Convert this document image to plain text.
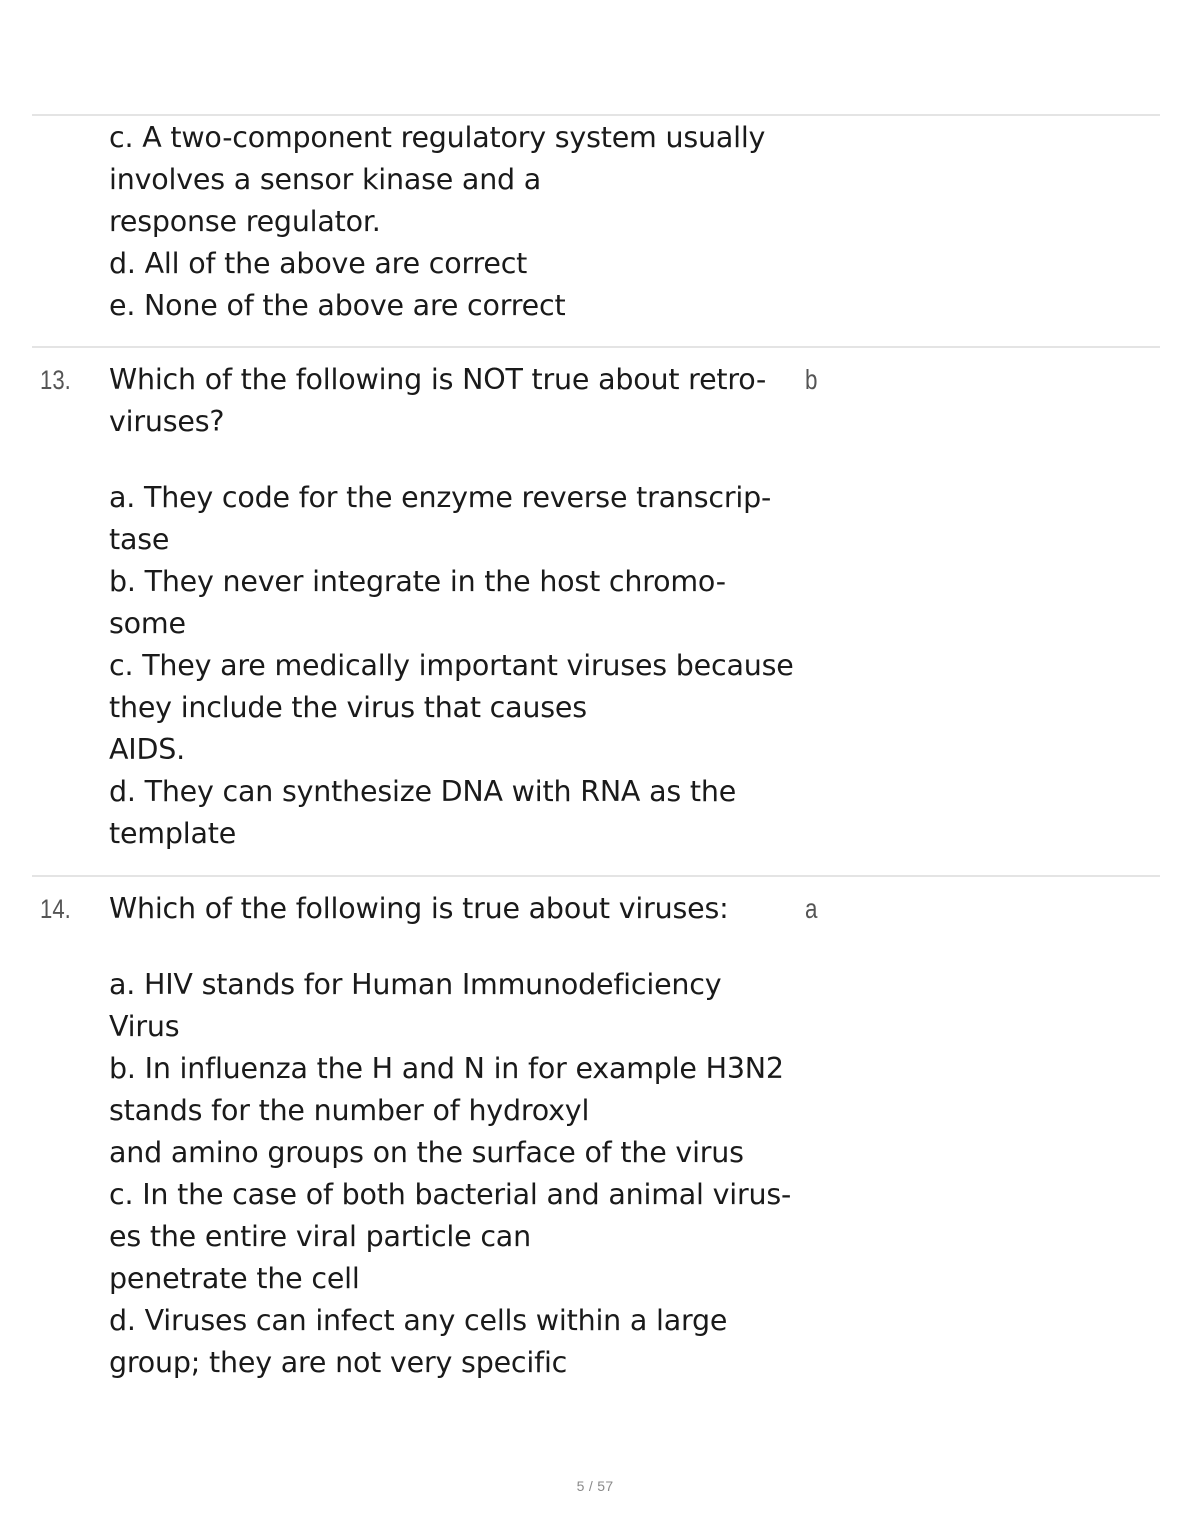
c. A two-component regulatory system usually
involves a sensor kinase and a
response regulator.
d. All of the above are correct
e. None of the above are correct
13.	b
Which of the following is NOT true about retro-
viruses?
a. They code for the enzyme reverse transcrip-
tase
b. They never integrate in the host chromo-
some
c. They are medically important viruses because
they include the virus that causes
AIDS.
d. They can synthesize DNA with RNA as the
template
14.	a
Which of the following is true about viruses:
a. HIV stands for Human Immunodeficiency
Virus
b. In influenza the H and N in for example H3N2
stands for the number of hydroxyl
and amino groups on the surface of the virus
c. In the case of both bacterial and animal virus-
es the entire viral particle can
penetrate the cell
d. Viruses can infect any cells within a large
group; they are not very specific
5 / 57
